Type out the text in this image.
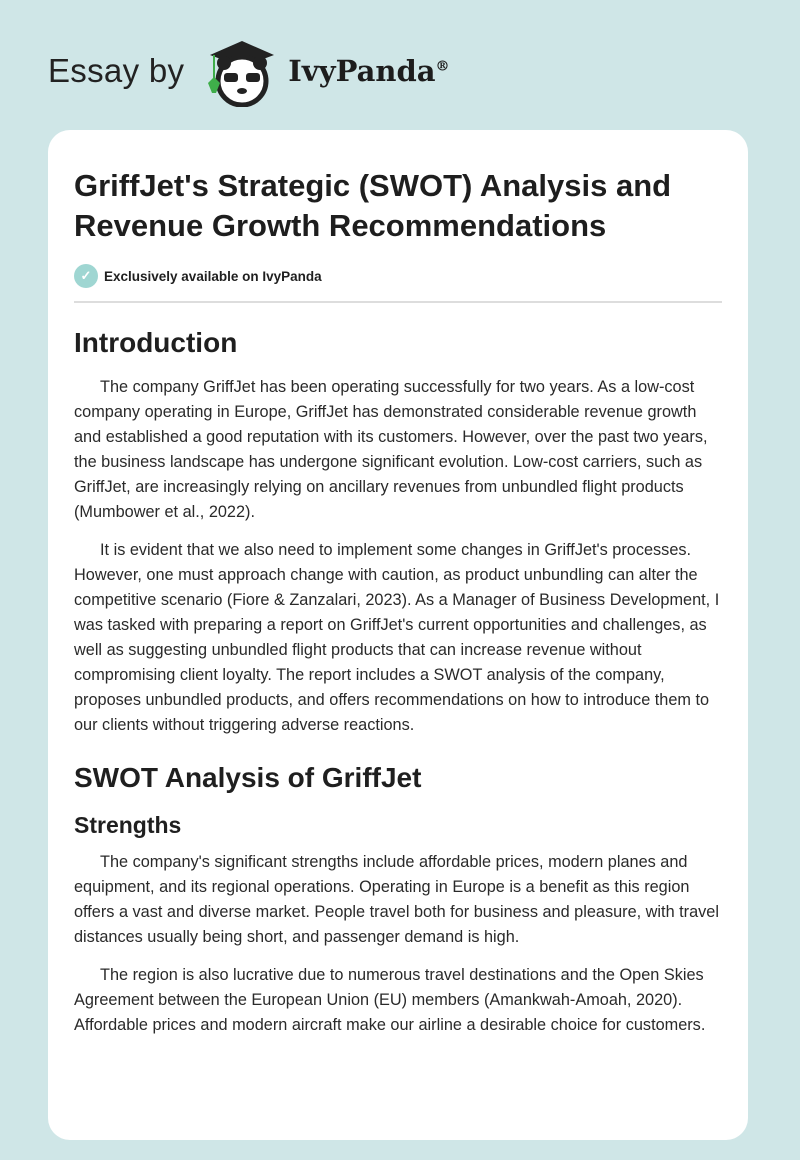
Essay by	IvyPanda®
GriffJet's Strategic (SWOT) Analysis and Revenue Growth Recommendations
✓ Exclusively available on IvyPanda
Introduction

The company GriffJet has been operating successfully for two years. As a low-cost company operating in Europe, GriffJet has demonstrated considerable revenue growth and established a good reputation with its customers. However, over the past two years, the business landscape has undergone significant evolution. Low-cost carriers, such as GriffJet, are increasingly relying on ancillary revenues from unbundled flight products (Mumbower et al., 2022).

It is evident that we also need to implement some changes in GriffJet's processes. However, one must approach change with caution, as product unbundling can alter the competitive scenario (Fiore & Zanzalari, 2023). As a Manager of Business Development, I was tasked with preparing a report on GriffJet's current opportunities and challenges, as well as suggesting unbundled flight products that can increase revenue without compromising client loyalty. The report includes a SWOT analysis of the company, proposes unbundled products, and offers recommendations on how to introduce them to our clients without triggering adverse reactions.

SWOT Analysis of GriffJet
Strengths

The company's significant strengths include affordable prices, modern planes and equipment, and its regional operations. Operating in Europe is a benefit as this region offers a vast and diverse market. People travel both for business and pleasure, with travel distances usually being short, and passenger demand is high.

The region is also lucrative due to numerous travel destinations and the Open Skies Agreement between the European Union (EU) members (Amankwah-Amoah, 2020). Affordable prices and modern aircraft make our airline a desirable choice for customers.
